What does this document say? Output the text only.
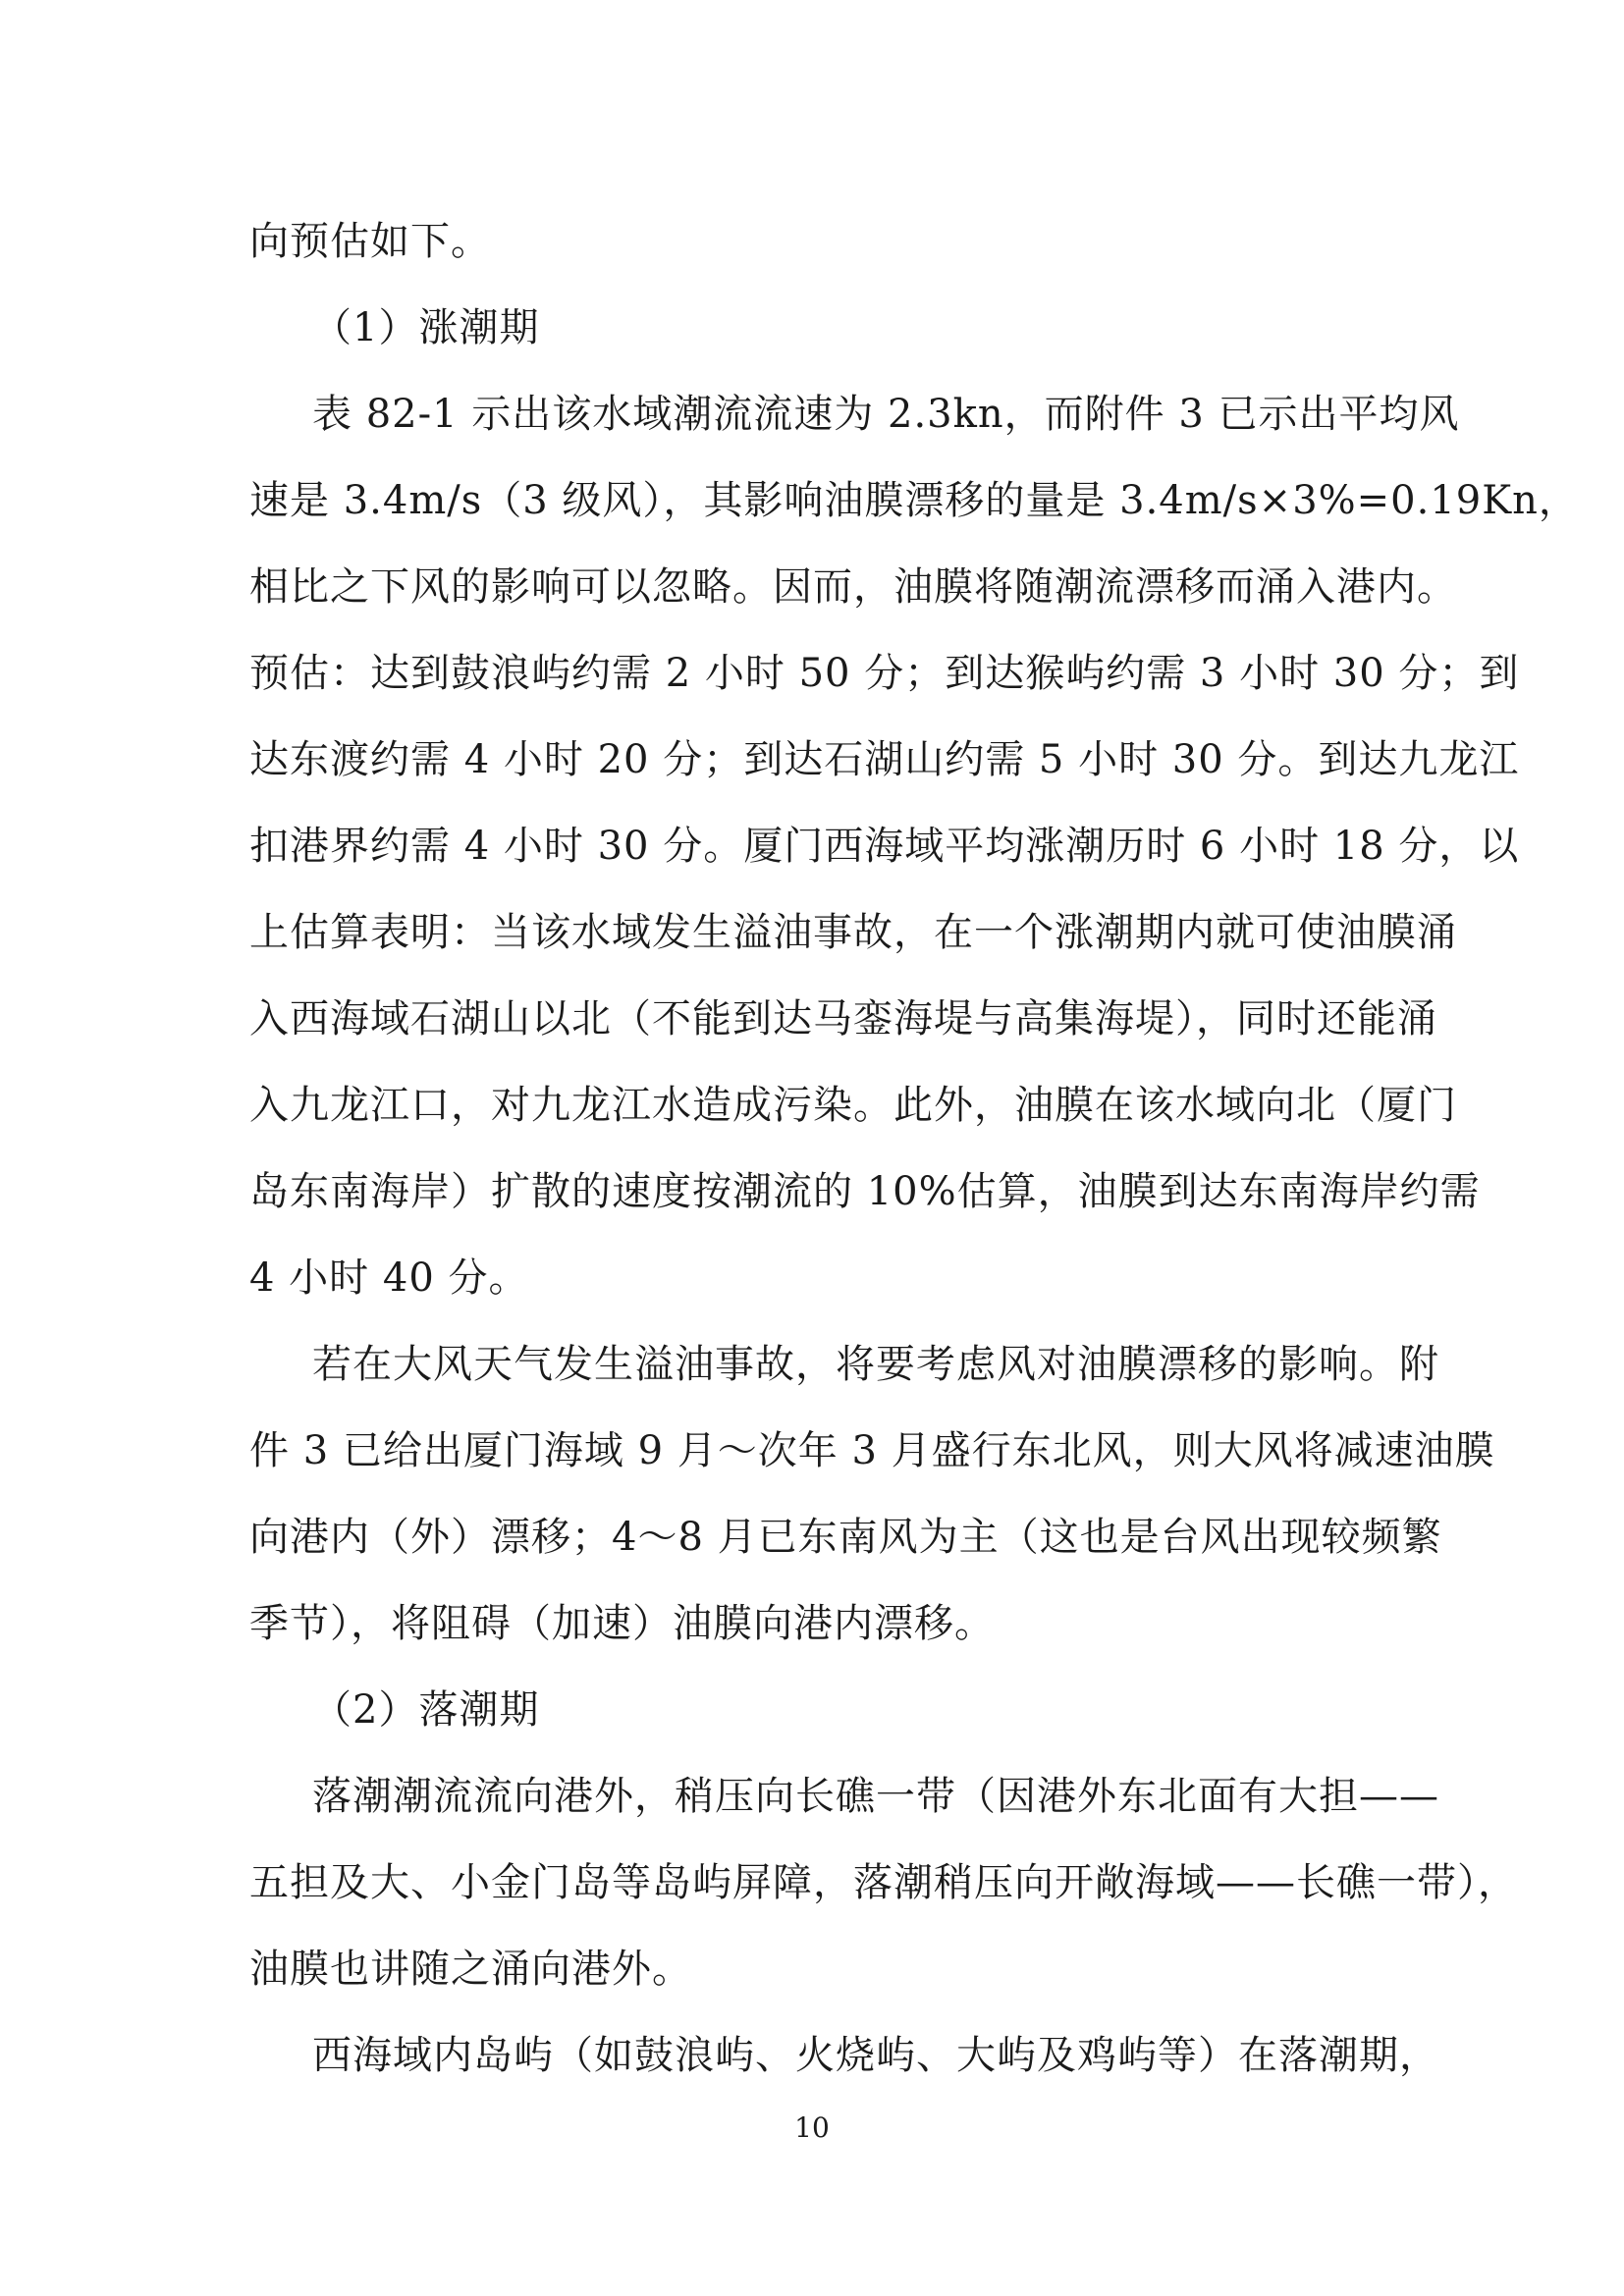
向预估如下。
（1）涨潮期
表 82-1 示出该水域潮流流速为 2.3kn，而附件 3 已示出平均风
速是 3.4m/s（3 级风），其影响油膜漂移的量是 3.4m/s×3%=0.19Kn，
相比之下风的影响可以忽略。因而，油膜将随潮流漂移而涌入港内。
预估：达到鼓浪屿约需 2 小时 50 分；到达猴屿约需 3 小时 30 分；到
达东渡约需 4 小时 20 分；到达石湖山约需 5 小时 30 分。到达九龙江
扣港界约需 4 小时 30 分。厦门西海域平均涨潮历时 6 小时 18 分，以
上估算表明：当该水域发生溢油事故，在一个涨潮期内就可使油膜涌
入西海域石湖山以北（不能到达马銮海堤与高集海堤），同时还能涌
入九龙江口，对九龙江水造成污染。此外，油膜在该水域向北（厦门
岛东南海岸）扩散的速度按潮流的 10%估算，油膜到达东南海岸约需
4 小时 40 分。
若在大风天气发生溢油事故，将要考虑风对油膜漂移的影响。附
件 3 已给出厦门海域 9 月～次年 3 月盛行东北风，则大风将减速油膜
向港内（外）漂移；4～8 月已东南风为主（这也是台风出现较频繁
季节），将阻碍（加速）油膜向港内漂移。
（2）落潮期
落潮潮流流向港外，稍压向长礁一带（因港外东北面有大担——
五担及大、小金门岛等岛屿屏障，落潮稍压向开敞海域——长礁一带），
油膜也讲随之涌向港外。
西海域内岛屿（如鼓浪屿、火烧屿、大屿及鸡屿等）在落潮期，
10
